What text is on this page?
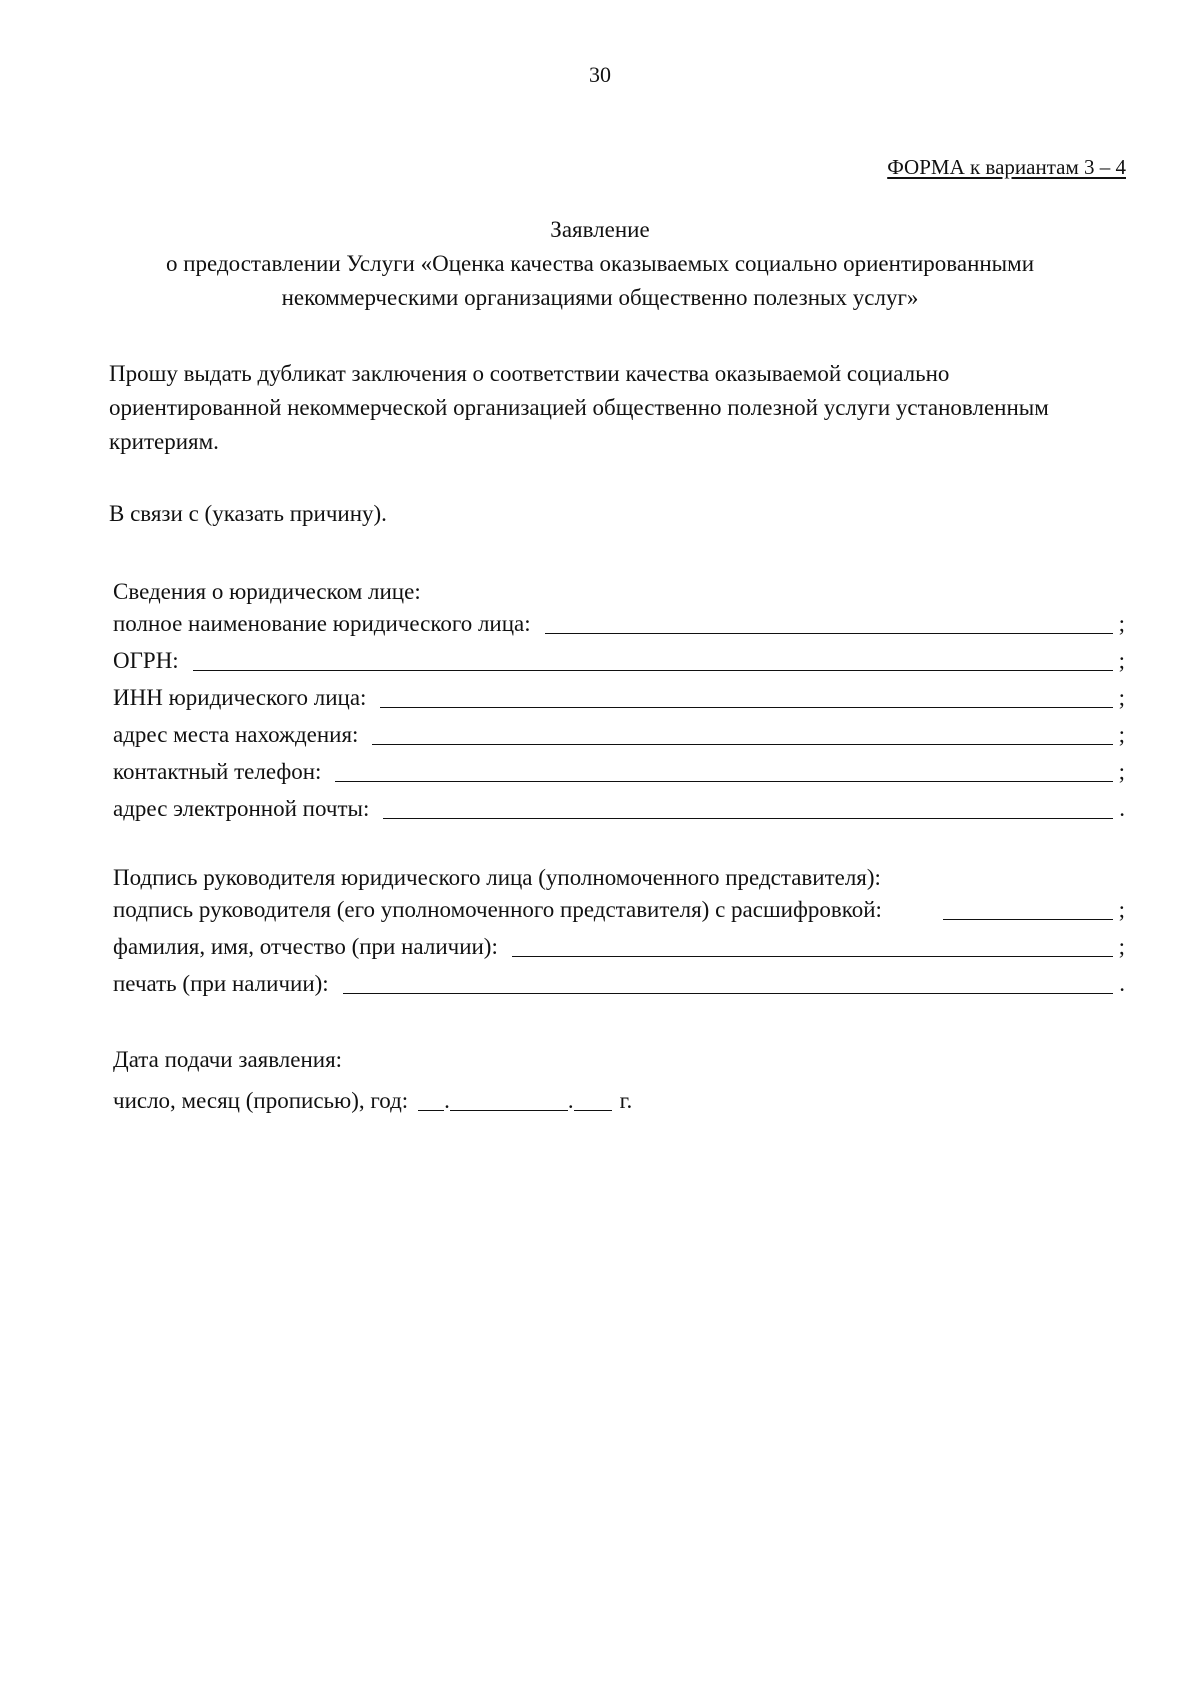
30
ФОРМА к вариантам 3 – 4
Заявление
о предоставлении Услуги «Оценка качества оказываемых социально ориентированными
некоммерческими организациями общественно полезных услуг»
Прошу выдать дубликат заключения о соответствии качества оказываемой социально
ориентированной некоммерческой организацией общественно полезной услуги установленным
критериям.
В связи с (указать причину).
Сведения о юридическом лице:
полное наименование юридического лица:	;
ОГРН:	;
ИНН юридического лица:	;
адрес места нахождения:	;
контактный телефон:	;
адрес электронной почты:	.
Подпись руководителя юридического лица (уполномоченного представителя):
подпись руководителя (его уполномоченного представителя) с расшифровкой:	;
фамилия, имя, отчество (при наличии):	;
печать (при наличии):	.
Дата подачи заявления:
число, месяц (прописью), год: .	. г.
